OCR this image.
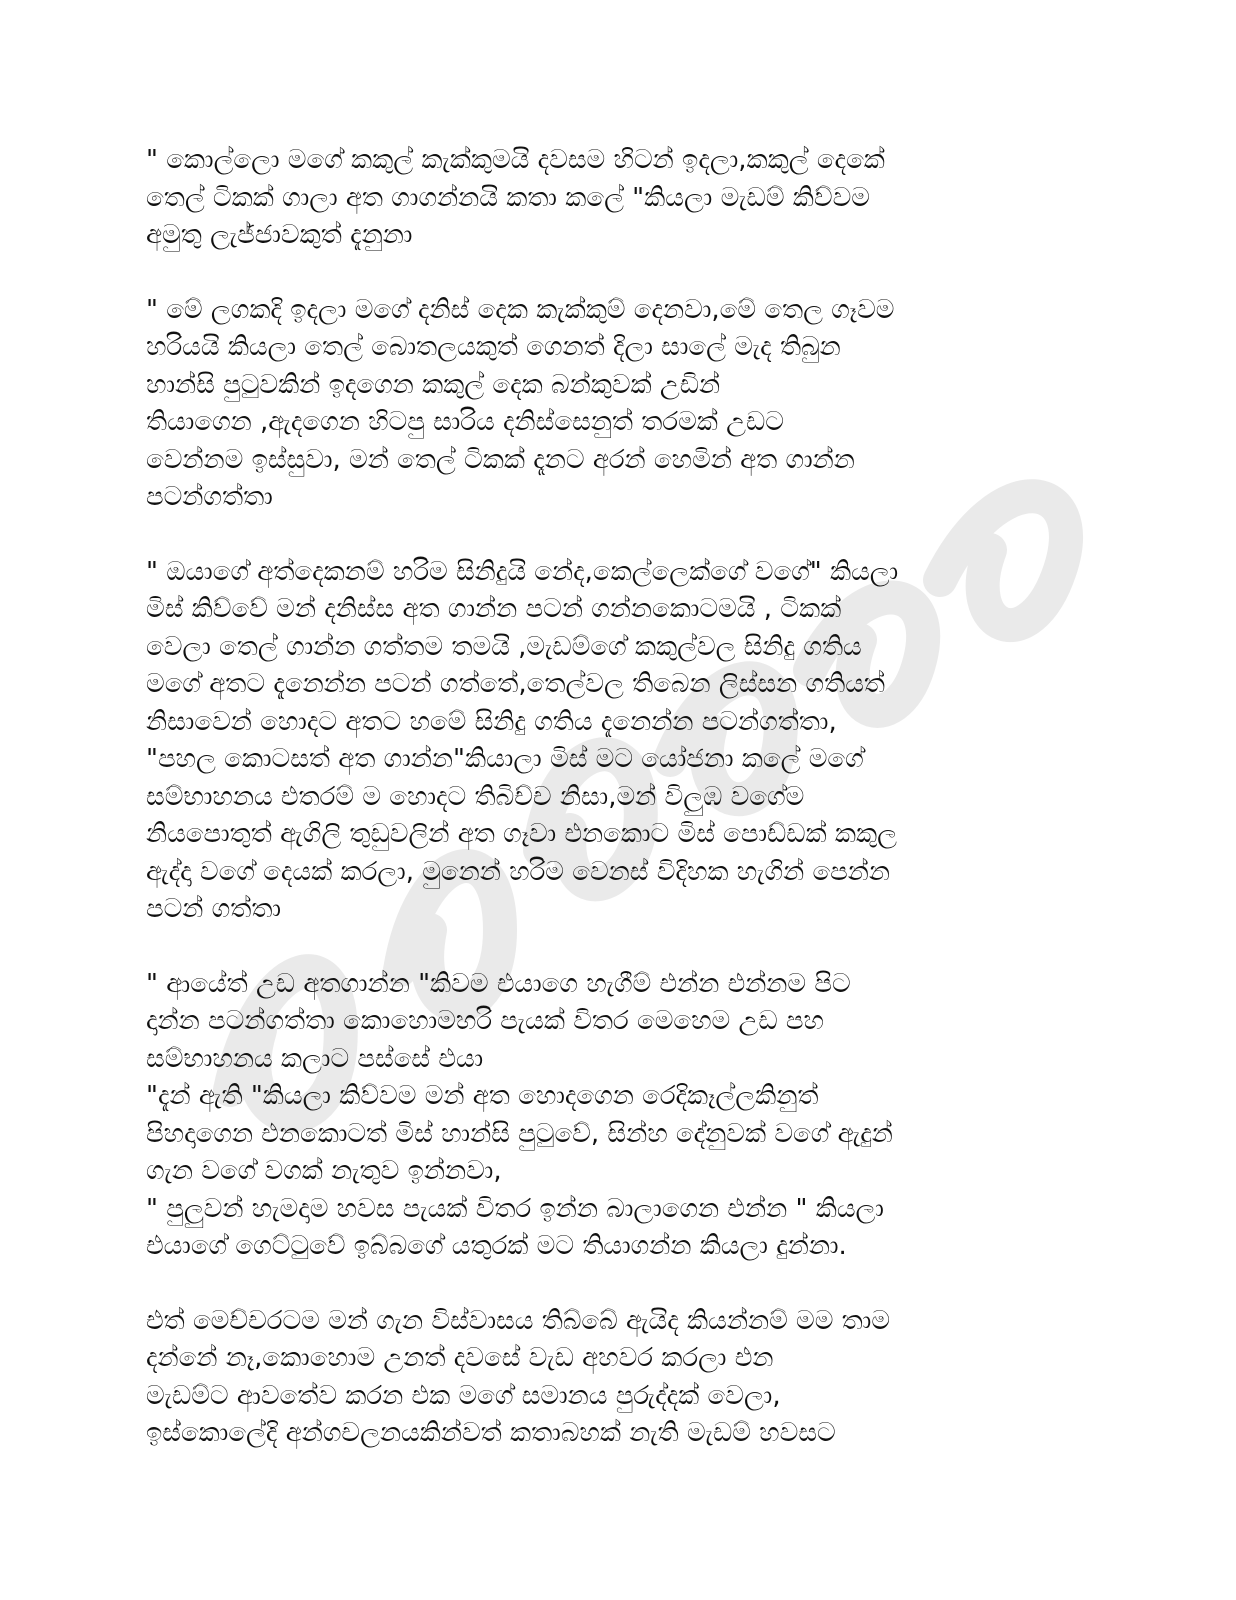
" කොල්ලො මගේ කකුල් කැක්කුමයි දවසම හිටන් ඉදලා,කකුල් දෙකේ
තෙල් ටිකක් ගාලා අත ගාගන්නයි කතා කලේ "කියලා මැඩම් කිව්වම
අමුතු ලැජ්ජාවකුත් දැනුනා
" මේ ලගකදි ඉදලා මගේ දනිස් දෙක කැක්කුම් දෙනවා,මේ තෙල ගෑවම
හරියයි කියලා තෙල් බොතලයකුත් ගෙනත් දිලා සාලේ මැද තිබුන
හාන්සි පුටුවකින් ඉදගෙන කකුල් දෙක බන්කුවක් උඩින්
තියාගෙන ,ඇදගෙන හිටපු සාරිය දනිස්සෙනුත් තරමක් උඩට
වෙන්නම ඉස්සුවා, මන් තෙල් ටිකක් දෑනට අරන් හෙමින් අත ගාන්න
පටන්ගත්තා
" ඔයාගේ අත්දෙකනම් හරිම සිනිදුයි නේද,කෙල්ලෙක්ගේ වගේ" කියලා
මිස් කිව්වේ මන් දනිස්ස අත ගාන්න පටන් ගන්නකොටමයි , ටිකක්
වෙලා තෙල් ගාන්න ගත්තම තමයි ,මැඩම්ගේ කකුල්වල සිනිදු ගතිය
මගේ අතට දැනෙන්න පටන් ගත්තේ,තෙල්වල තිබෙන ලිස්සන ගතියත්
නිසාවෙන් හොදට අතට හමේ සිනිදු ගතිය දැනෙන්න පටන්ගත්තා,
"පහල කොටසත් අත ගාන්න"කියාලා මිස් මට යෝජනා කලේ මගේ
සම්භාහනය එතරම් ම හොදට තිබිච්ච නිසා,මන් විලුඹ වගේම
නියපොතුත් ඇගිලි තුඩුවලින් අත ගෑවා එනකොට මිස් පොඩ්ඩක් කකුල
ඇද්දා වගේ දෙයක් කරලා, මුනෙන් හරිම වෙනස් විදිහක හැගින් පෙන්න
පටන් ගත්තා
" ආයේත් උඩ අතගාන්න "කිවම එයාගෙ හැගීම් එන්න එන්නම පිට
දාන්න පටන්ගත්තා කොහොමහරි පැයක් විතර මෙහෙම උඩ පහ
සම්භාහනය කලාට පස්සේ එයා
"දැන් ඇති "කියලා කිව්වම මන් අත හොදගෙන රෙදිකෑල්ලකිනුත්
පිහදාගෙන එනකොටත් මිස් හාන්සි පුටුවේ, සින්හ දේනුවක් වගේ ඇදුන්
ගැන වගේ වගක් නැතුව ඉන්නවා,
" පුලුවන් හැමදාම හවස පැයක් විතර ඉන්න බාලාගෙන එන්න " කියලා
එයාගේ ගෙට්ටුවේ ඉබ්බගේ යතුරක් මට තියාගන්න කියලා දුන්නා.
එත් මෙච්චරටම මන් ගැන විස්වාසය තිබ්බේ ඇයිද කියන්නම් මම තාම
දන්නේ නෑ,කොහොම උනත් දවසේ වැඩ අහවර කරලා එන
මැඩම්ට ආවතේව කරන එක මගේ සමානය පුරුද්දක් වෙලා,
ඉස්කොලේදි අන්ගචලනයකින්වත් කතාබහක් නැති මැඩම් හවසට
